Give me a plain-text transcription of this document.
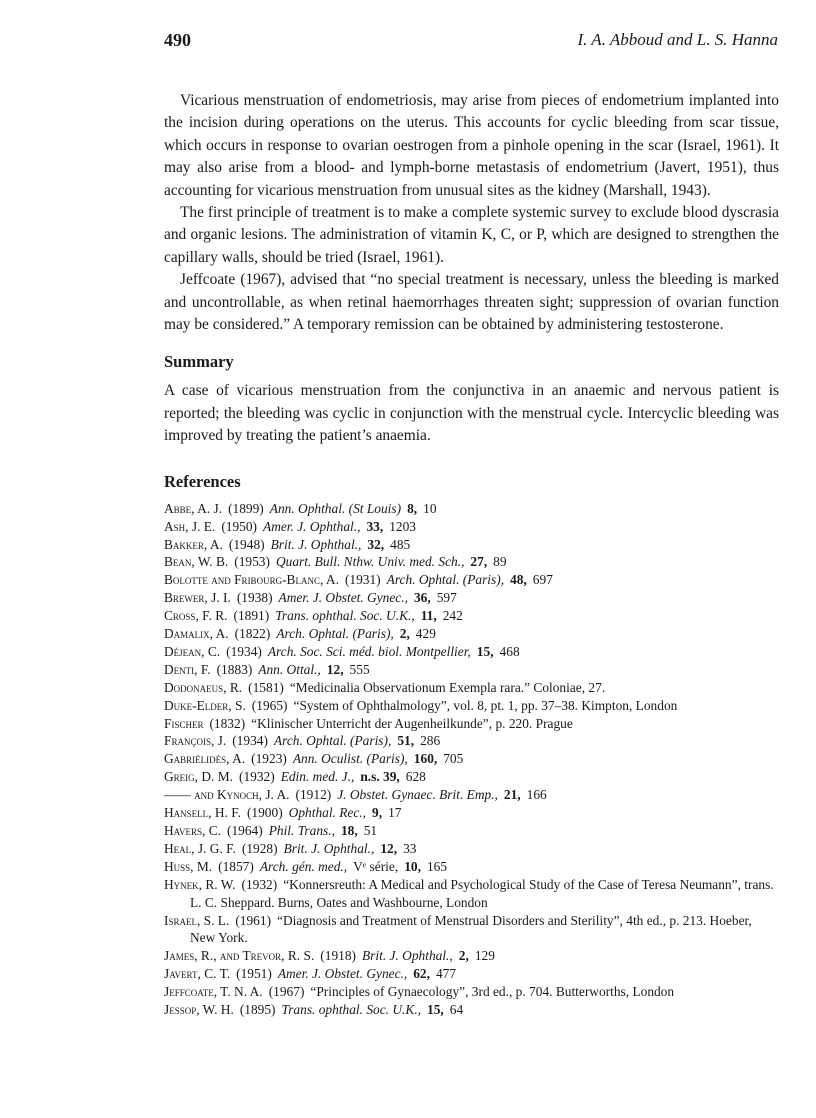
490	I. A. Abboud and L. S. Hanna

Vicarious menstruation of endometriosis, may arise from pieces of endometrium implanted into the incision during operations on the uterus. This accounts for cyclic bleeding from scar tissue, which occurs in response to ovarian oestrogen from a pinhole opening in the scar (Israel, 1961). It may also arise from a blood- and lymph-borne metastasis of endometrium (Javert, 1951), thus accounting for vicarious menstruation from unusual sites as the kidney (Marshall, 1943).

The first principle of treatment is to make a complete systemic survey to exclude blood dyscrasia and organic lesions. The administration of vitamin K, C, or P, which are designed to strengthen the capillary walls, should be tried (Israel, 1961).

Jeffcoate (1967), advised that “no special treatment is necessary, unless the bleeding is marked and uncontrollable, as when retinal haemorrhages threaten sight; suppression of ovarian function may be considered.” A temporary remission can be obtained by administering testosterone.

Summary

A case of vicarious menstruation from the conjunctiva in an anaemic and nervous patient is reported; the bleeding was cyclic in conjunction with the menstrual cycle. Intercyclic bleeding was improved by treating the patient’s anaemia.

References
Abbe, A. J. (1899) Ann. Ophthal. (St Louis) 8, 10
Ash, J. E. (1950) Amer. J. Ophthal., 33, 1203
Bakker, A. (1948) Brit. J. Ophthal., 32, 485
Bean, W. B. (1953) Quart. Bull. Nthw. Univ. med. Sch., 27, 89
Bolotte and Fribourg-Blanc, A. (1931) Arch. Ophtal. (Paris), 48, 697
Brewer, J. I. (1938) Amer. J. Obstet. Gynec., 36, 597
Cross, F. R. (1891) Trans. ophthal. Soc. U.K., 11, 242
Damalix, A. (1822) Arch. Ophtal. (Paris), 2, 429
Déjean, C. (1934) Arch. Soc. Sci. méd. biol. Montpellier, 15, 468
Denti, F. (1883) Ann. Ottal., 12, 555
Dodonaeus, R. (1581) “Medicinalia Observationum Exempla rara.” Coloniae, 27.
Duke-Elder, S. (1965) “System of Ophthalmology”, vol. 8, pt. 1, pp. 37–38. Kimpton, London
Fischer (1832) “Klinischer Unterricht der Augenheilkunde”, p. 220. Prague
François, J. (1934) Arch. Ophtal. (Paris), 51, 286
Gabriélidès, A. (1923) Ann. Oculist. (Paris), 160, 705
Greig, D. M. (1932) Edin. med. J., n.s. 39, 628
—— and Kynoch, J. A. (1912) J. Obstet. Gynaec. Brit. Emp., 21, 166
Hansell, H. F. (1900) Ophthal. Rec., 9, 17
Havers, C. (1964) Phil. Trans., 18, 51
Heal, J. G. F. (1928) Brit. J. Ophthal., 12, 33
Huss, M. (1857) Arch. gén. med., Vᵉ série, 10, 165
Hynek, R. W. (1932) “Konnersreuth: A Medical and Psychological Study of the Case of Teresa Neumann”, trans. L. C. Sheppard. Burns, Oates and Washbourne, London
Israel, S. L. (1961) “Diagnosis and Treatment of Menstrual Disorders and Sterility”, 4th ed., p. 213. Hoeber, New York.
James, R., and Trevor, R. S. (1918) Brit. J. Ophthal., 2, 129
Javert, C. T. (1951) Amer. J. Obstet. Gynec., 62, 477
Jeffcoate, T. N. A. (1967) “Principles of Gynaecology”, 3rd ed., p. 704. Butterworths, London
Jessop, W. H. (1895) Trans. ophthal. Soc. U.K., 15, 64
